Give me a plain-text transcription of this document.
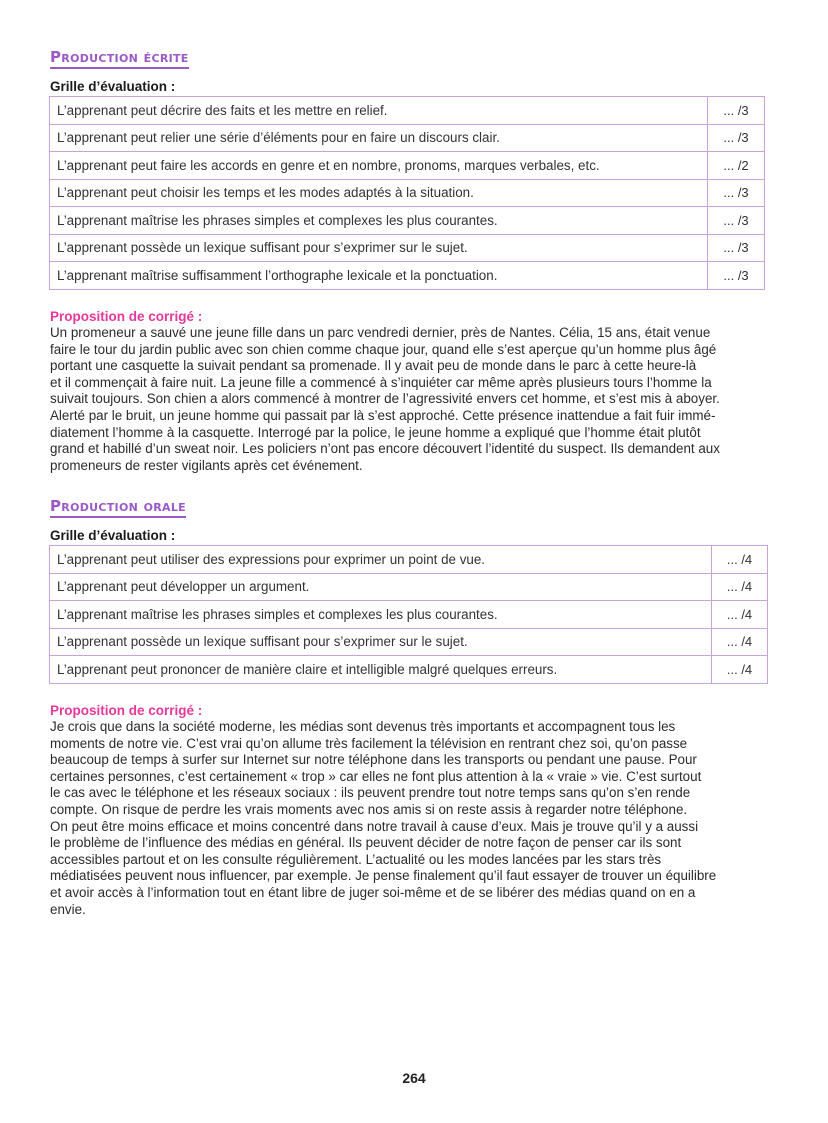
Production écrite
Grille d’évaluation :
L’apprenant peut décrire des faits et les mettre en relief.	... /3
L’apprenant peut relier une série d’éléments pour en faire un discours clair.	... /3
L’apprenant peut faire les accords en genre et en nombre, pronoms, marques verbales, etc.	... /2
L’apprenant peut choisir les temps et les modes adaptés à la situation.	... /3
L’apprenant maîtrise les phrases simples et complexes les plus courantes.	... /3
L’apprenant possède un lexique suffisant pour s’exprimer sur le sujet.	... /3
L’apprenant maîtrise suffisamment l’orthographe lexicale et la ponctuation.	... /3
Proposition de corrigé :
Un promeneur a sauvé une jeune fille dans un parc vendredi dernier, près de Nantes. Célia, 15 ans, était venue
faire le tour du jardin public avec son chien comme chaque jour, quand elle s’est aperçue qu’un homme plus âgé
portant une casquette la suivait pendant sa promenade. Il y avait peu de monde dans le parc à cette heure-là
et il commençait à faire nuit. La jeune fille a commencé à s’inquiéter car même après plusieurs tours l’homme la
suivait toujours. Son chien a alors commencé à montrer de l’agressivité envers cet homme, et s’est mis à aboyer.
Alerté par le bruit, un jeune homme qui passait par là s’est approché. Cette présence inattendue a fait fuir immé-
diatement l’homme à la casquette. Interrogé par la police, le jeune homme a expliqué que l’homme était plutôt
grand et habillé d’un sweat noir. Les policiers n’ont pas encore découvert l’identité du suspect. Ils demandent aux
promeneurs de rester vigilants après cet événement.
Production orale
Grille d’évaluation :
L’apprenant peut utiliser des expressions pour exprimer un point de vue.	... /4
L’apprenant peut développer un argument.	... /4
L’apprenant maîtrise les phrases simples et complexes les plus courantes.	... /4
L’apprenant possède un lexique suffisant pour s’exprimer sur le sujet.	... /4
L’apprenant peut prononcer de manière claire et intelligible malgré quelques erreurs.	... /4
Proposition de corrigé :
Je crois que dans la société moderne, les médias sont devenus très importants et accompagnent tous les
moments de notre vie. C’est vrai qu’on allume très facilement la télévision en rentrant chez soi, qu’on passe
beaucoup de temps à surfer sur Internet sur notre téléphone dans les transports ou pendant une pause. Pour
certaines personnes, c’est certainement « trop » car elles ne font plus attention à la « vraie » vie. C’est surtout
le cas avec le téléphone et les réseaux sociaux : ils peuvent prendre tout notre temps sans qu’on s’en rende
compte. On risque de perdre les vrais moments avec nos amis si on reste assis à regarder notre téléphone.
On peut être moins efficace et moins concentré dans notre travail à cause d’eux. Mais je trouve qu’il y a aussi
le problème de l’influence des médias en général. Ils peuvent décider de notre façon de penser car ils sont
accessibles partout et on les consulte régulièrement. L’actualité ou les modes lancées par les stars très
médiatisées peuvent nous influencer, par exemple. Je pense finalement qu’il faut essayer de trouver un équilibre
et avoir accès à l’information tout en étant libre de juger soi-même et de se libérer des médias quand on en a
envie.
264
